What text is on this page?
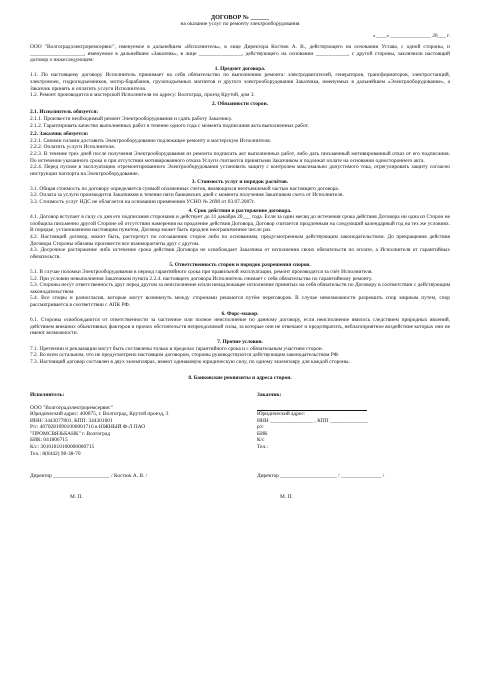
ДОГОВОР № ______
на оказание услуг по ремонту электрооборудования
«____» _______________ 20___ г.
ООО "Волгоградэлектроремсервис", именуемое в дальнейшем «Исполнитель», в лице Директора Костюк А. В., действующего на основании Устава, с одной стороны, и ____________________, именуемое в дальнейшем «Заказчик», в лице ________________, действующего на основании ____________, с другой стороны, заключили настоящий договор о нижеследующем:
1. Предмет договора.
1.1. По настоящему договору Исполнитель принимает на себя обязательство по выполнению ремонта: электродвигателей, генераторов, трансформаторов, электростанций, электромоек, гидроподъемников, мотор-барабанов, грузоподъемных магнитов и другого электрооборудования Заказчика, именуемых в дальнейшем «Электрооборудование», а Заказчик принять и оплатить услуги Исполнителя.
1.2. Ремонт производится в мастерской Исполнителя по адресу: Волгоград, проезд Крутой, дом 3.
2. Обязанности сторон.
2.1. Исполнитель обязуется:
2.1.1. Произвести необходимый ремонт Электрооборудования и сдать работу Заказчику.
2.1.2. Гарантировать качество выполненных работ в течение одного года с момента подписания акта выполненных работ.
2.2. Заказчик обязуется:
2.2.1. Своими силами доставить Электрооборудование подлежащее ремонту в мастерскую Исполнителя.
2.2.2. Оплатить услуги Исполнителя.
2.2.3. В течение трех дней после получения Электрооборудования из ремонта подписать акт выполненных работ, либо дать письменный мотивированный отказ от его подписания. По истечении указанного срока и при отсутствии мотивированного отказа Услуги считаются принятыми Заказчиком и подлежат оплате на основании одностороннего акта.
2.2.4. Перед пуском в эксплуатацию отремонтированного Электрооборудования установить защиту с контролем максимально допустимого тока, отрегулировать защиту согласно инструкции паспорта на Электрооборудование.
3. Стоимость услуг и порядок расчётов.
3.1. Общая стоимость по договору определяется суммой оплаченных счетов, являющихся неотъемлемой частью настоящего договора.
3.2. Оплата за услуги производится Заказчиком в течение пяти банковских дней с момента получения Заказчиком счета от Исполнителя.
3.3. Стоимость услуг НДС не облагается на основании применения УСНО № 2698 от 03.07.2007г.
4. Срок действия и расторжение договора.
4.1. Договор вступает в силу со дня его подписания сторонами и действует до 31 декабря 20___ года. Если за один месяц до истечения срока действия Договора ни одна из Сторон не сообщила письменно другой Стороне об отсутствии намерения на продление действия Договора, Договор считается продленным на следующий календарный год на тех же условиях. В порядке, установленном настоящим пунктом, Договор может быть продлен неограниченное число раз.
4.2. Настоящий договор, может быть, расторгнут по соглашению сторон либо по основаниям, предусмотренным действующим законодательством. До прекращения действия Договора Стороны обязаны произвести все взаиморасчеты друг с другом.
4.3. Досрочное расторжение либо истечение срока действия Договора не освобождает Заказчика от исполнения своих обязательств по оплате, а Исполнителя от гарантийных обязательств.
5. Ответственность сторон и порядок разрешения споров.
5.1. В случае поломки Электрооборудования в период гарантийного срока при правильной эксплуатации, ремонт производится за счёт Исполнителя.
5.2. При условии невыполнения Заказчиком пункта 2.2.4. настоящего договора Исполнитель снимает с себя обязательства по гарантийному ремонту.
5.3. Стороны несут ответственность друг перед другом за неисполнение и/или ненадлежащее исполнение принятых на себя обязательств по Договору в соответствии с действующим законодательством.
5.4. Все споры и разногласия, которые могут возникнуть между сторонами решаются путём переговоров. В случае невозможности разрешить спор мирным путем, спор рассматривается в соответствии с АПК РФ.
6. Форс-мажор.
6.1. Стороны освобождаются от ответственности за частичное или полное неисполнение по данному договору, если неисполнение явилось следствием природных явлений, действием внешних объективных факторов и прочих обстоятельств непреодолимой силы, за которые они не отвечают и предотвратить, неблагоприятное воздействие которых они не имеют возможности.
7. Прочие условия.
7.1. Претензии и рекламации могут быть составлены только в пределах гарантийного срока и с обязательным участием сторон.
7.2. Во всем остальном, что не предусмотрено настоящим договором, стороны руководствуются действующим законодательством РФ.
7.3. Настоящий договор составлен в двух экземплярах, имеют одинаковую юридическую силу, по одному экземпляру для каждой стороны.
8. Банковские реквизиты и адреса сторон.
Исполнитель:
ООО "Волгоградэлектроремсервис"
Юридический адрес: 400075, г. Волгоград, Крутой проезд, 3
ИНН: 3443077801, КПП: 344301001
Р/с: 40702810901000001716 в ЮЖНЫЙ Ф-Л ПАО
"ПРОМСВЯЗЬБАНК" г. Волгоград
БИК: 041806715
К/с: 30101810100000000715
Тел.: 8(8442) 98-38-70
Заказчик:
Юридический адрес:
ИНН ________________ , КПП ______________
р/с
БИК
К/с
Тел.:
Директор _____________________ / Костюк А. В. /	Директор _____________________ / _______________ /
М. П.	М. П.
